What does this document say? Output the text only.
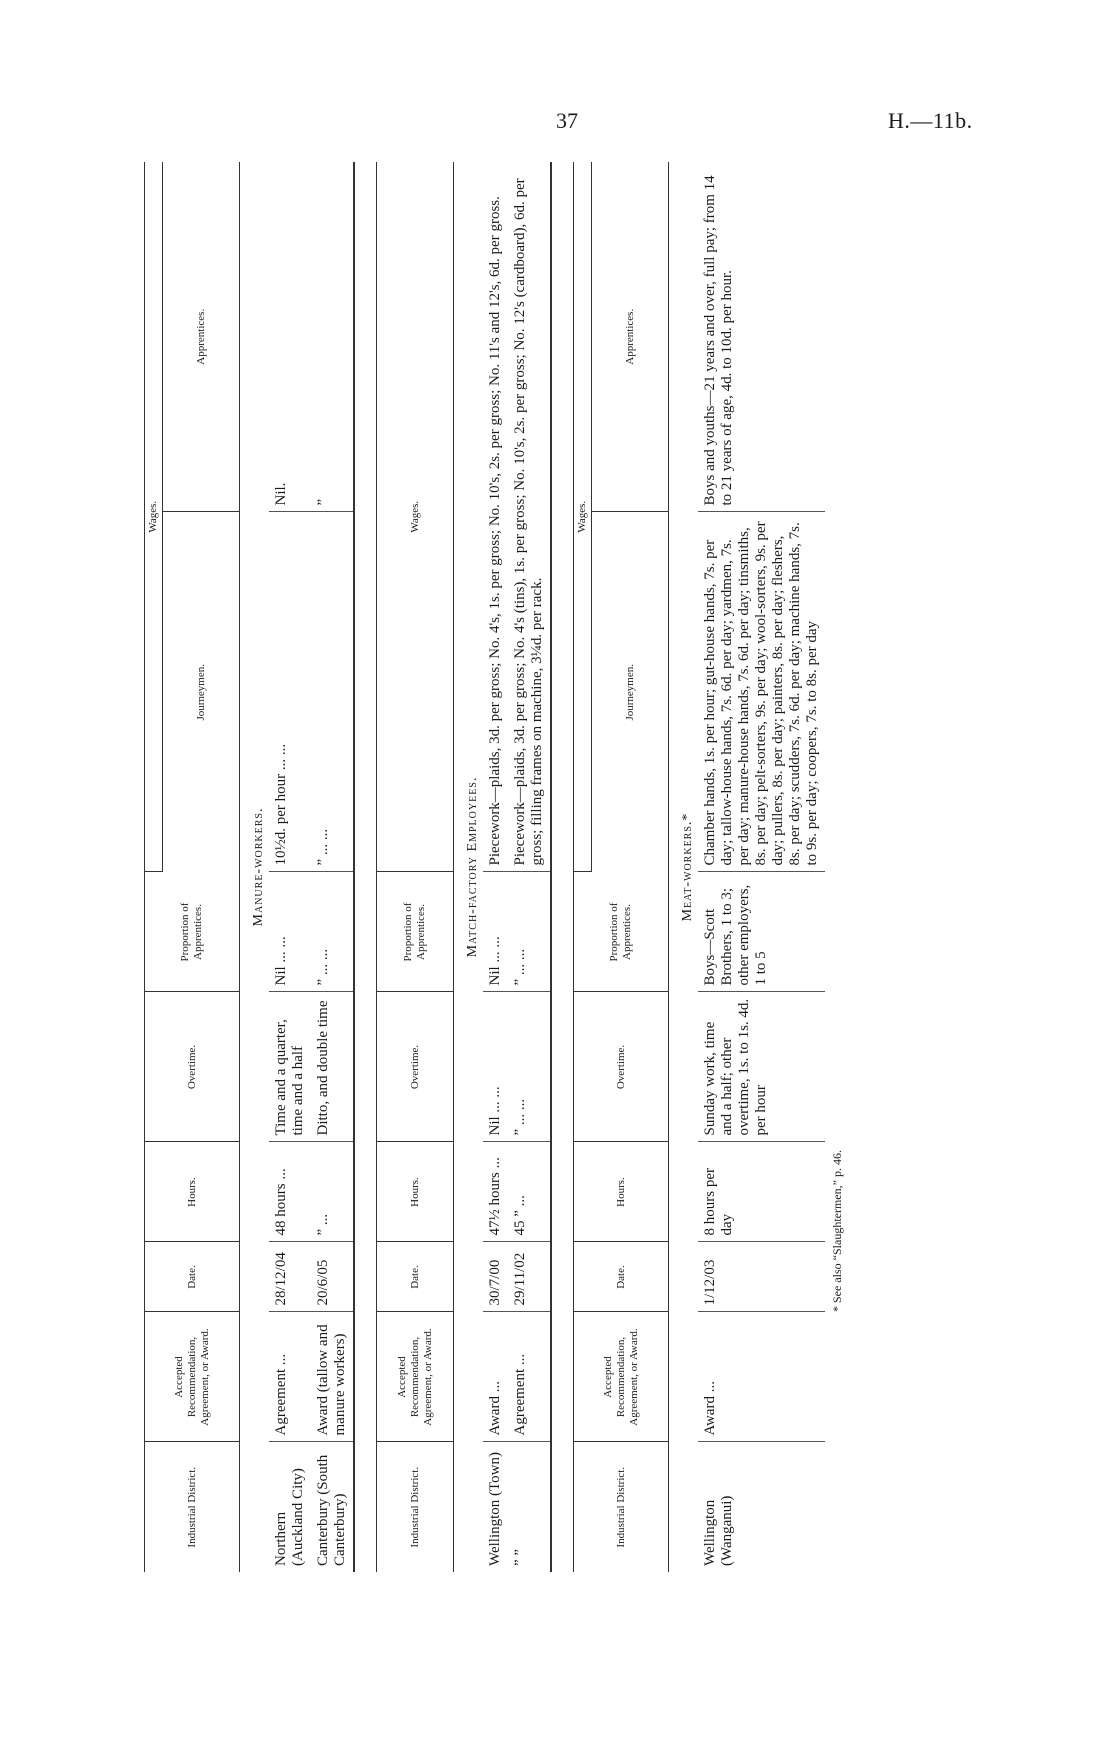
37	H.—11b.
Industrial District.	Accepted Recommendation, Agreement, or Award.	Date.	Hours.	Overtime.	Proportion of Apprentices.	Wages.	
						Journeymen.	Apprentices.
Manure-workers.							
Northern (Auckland City)	Agreement ...	28/12/04	48 hours ...	Time and a quarter, time and a half	Nil ... ...	10½d. per hour ... ...	Nil.
Canterbury (South Canterbury)	Award (tallow and manure workers)	20/6/05	” ...	Ditto, and double time	” ... ...	” ... ...	”

Industrial District.	Accepted Recommendation, Agreement, or Award.	Date.	Hours.	Overtime.	Proportion of Apprentices.	Wages.
Match-factory Employees.						
Wellington (Town)	Award ...	30/7/00	47½ hours ...	Nil ... ...	Nil ... ...	Piecework—plaids, 3d. per gross; No. 4's, 1s. per gross; No. 10's, 2s. per gross; No. 11's and 12's, 6d. per gross.
” ”	Agreement ...	29/11/02	45 ” ...	” ... ...	” ... ...	Piecework—plaids, 3d. per gross; No. 4's (tins), 1s. per gross; No. 10's, 2s. per gross; No. 12's (cardboard), 6d. per gross; filling frames on machine, 3¼d. per rack.

Industrial District.	Accepted Recommendation, Agreement, or Award.	Date.	Hours.	Overtime.	Proportion of Apprentices.	Wages.	
						Journeymen.	Apprentices.
Meat-workers.*							
Wellington (Wanganui)	Award ...	1/12/03	8 hours per day	Sunday work, time and a half; other overtime, 1s. to 1s. 4d. per hour	Boys—Scott Brothers, 1 to 3; other employers, 1 to 5	Chamber hands, 1s. per hour; gut-house hands, 7s. per day; tallow-house hands, 7s. 6d. per day; yardmen, 7s. per day; manure-house hands, 7s. 6d. per day; tinsmiths, 8s. per day; pelt-sorters, 9s. per day; wool-sorters, 9s. per day; pullers, 8s. per day; painters, 8s. per day; fleshers, 8s. per day; scudders, 7s. 6d. per day; machine hands, 7s. to 9s. per day; coopers, 7s. to 8s. per day	Boys and youths—21 years and over, full pay; from 14 to 21 years of age, 4d. to 10d. per hour.
* See also “Slaughtermen,” p. 46.							
